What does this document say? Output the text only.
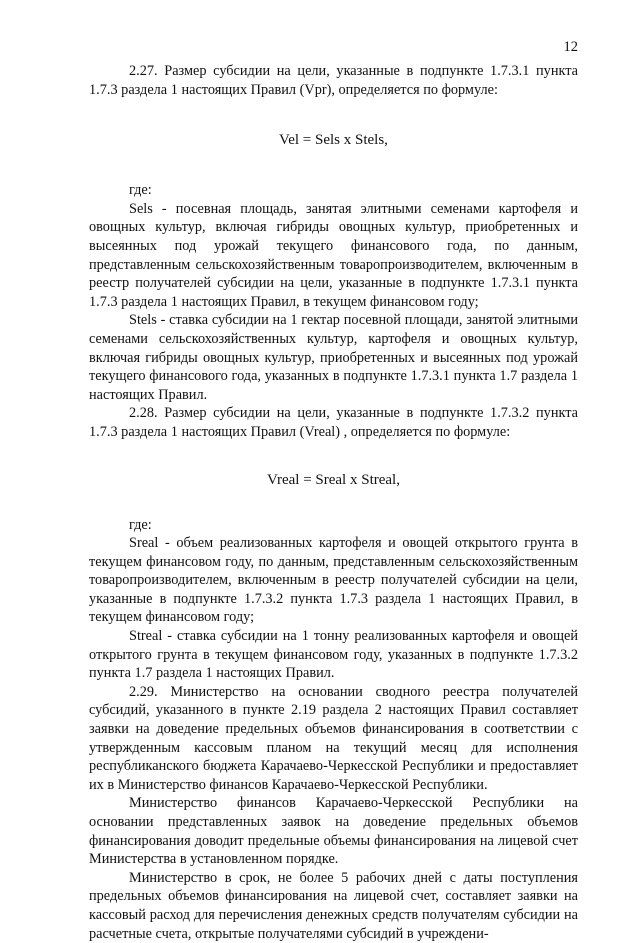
12

2.27. Размер субсидии на цели, указанные в подпункте 1.7.3.1 пункта 1.7.3 раздела 1 настоящих Правил (Vpr), определяется по формуле:

Vel = Sels x Stels,

где:

Sels - посевная площадь, занятая элитными семенами картофеля и овощных культур, включая гибриды овощных культур, приобретенных и высеянных под урожай текущего финансового года, по данным, представленным сельскохозяйственным товаропроизводителем, включенным в реестр получателей субсидии на цели, указанные в подпункте 1.7.3.1 пункта 1.7.3 раздела 1 настоящих Правил, в текущем финансовом году;

Stels - ставка субсидии на 1 гектар посевной площади, занятой элитными семенами сельскохозяйственных культур, картофеля и овощных культур, включая гибриды овощных культур, приобретенных и высеянных под урожай текущего финансового года, указанных в подпункте 1.7.3.1 пункта 1.7 раздела 1 настоящих Правил.

2.28. Размер субсидии на цели, указанные в подпункте 1.7.3.2 пункта 1.7.3 раздела 1 настоящих Правил (Vreal) , определяется по формуле:

Vreal = Sreal x Streal,

где:

Sreal - объем реализованных картофеля и овощей открытого грунта в текущем финансовом году, по данным, представленным сельскохозяйственным товаропроизводителем, включенным в реестр получателей субсидии на цели, указанные в подпункте 1.7.3.2 пункта 1.7.3 раздела 1 настоящих Правил, в текущем финансовом году;

Streal - ставка субсидии на 1 тонну реализованных картофеля и овощей открытого грунта в текущем финансовом году, указанных в подпункте 1.7.3.2 пункта 1.7 раздела 1 настоящих Правил.

2.29. Министерство на основании сводного реестра получателей субсидий, указанного в пункте 2.19 раздела 2 настоящих Правил составляет заявки на доведение предельных объемов финансирования в соответствии с утвержденным кассовым планом на текущий месяц для исполнения республиканского бюджета Карачаево-Черкесской Республики и предоставляет их в Министерство финансов Карачаево-Черкесской Республики.

Министерство финансов Карачаево-Черкесской Республики на основании представленных заявок на доведение предельных объемов финансирования доводит предельные объемы финансирования на лицевой счет Министерства в установленном порядке.

Министерство в срок, не более 5 рабочих дней с даты поступления предельных объемов финансирования на лицевой счет, составляет заявки на кассовый расход для перечисления денежных средств получателям субсидии на расчетные счета, открытые получателями субсидий в учреждени-
